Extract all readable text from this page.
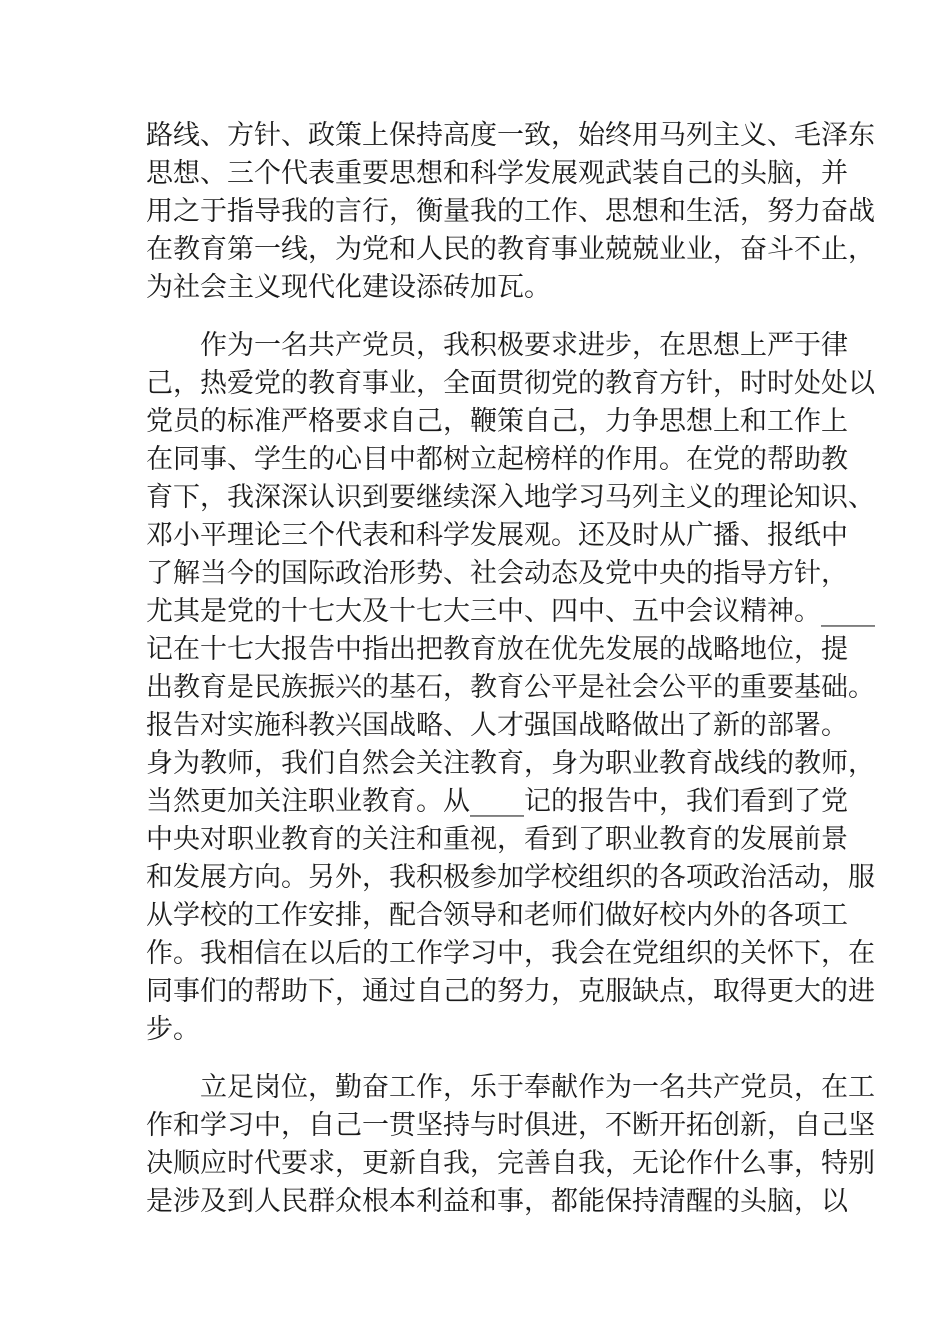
路线、方针、政策上保持高度一致，始终用马列主义、毛泽东
思想、三个代表重要思想和科学发展观武装自己的头脑，并
用之于指导我的言行，衡量我的工作、思想和生活，努力奋战
在教育第一线，为党和人民的教育事业兢兢业业，奋斗不止，
为社会主义现代化建设添砖加瓦。
　　作为一名共产党员，我积极要求进步，在思想上严于律
己，热爱党的教育事业，全面贯彻党的教育方针，时时处处以
党员的标准严格要求自己，鞭策自己，力争思想上和工作上
在同事、学生的心目中都树立起榜样的作用。在党的帮助教
育下，我深深认识到要继续深入地学习马列主义的理论知识、
邓小平理论三个代表和科学发展观。还及时从广播、报纸中
了解当今的国际政治形势、社会动态及党中央的指导方针，
尤其是党的十七大及十七大三中、四中、五中会议精神。____
记在十七大报告中指出把教育放在优先发展的战略地位，提
出教育是民族振兴的基石，教育公平是社会公平的重要基础。
报告对实施科教兴国战略、人才强国战略做出了新的部署。
身为教师，我们自然会关注教育，身为职业教育战线的教师，
当然更加关注职业教育。从____记的报告中，我们看到了党
中央对职业教育的关注和重视，看到了职业教育的发展前景
和发展方向。另外，我积极参加学校组织的各项政治活动，服
从学校的工作安排，配合领导和老师们做好校内外的各项工
作。我相信在以后的工作学习中，我会在党组织的关怀下，在
同事们的帮助下，通过自己的努力，克服缺点，取得更大的进
步。
　　立足岗位，勤奋工作，乐于奉献作为一名共产党员，在工
作和学习中，自己一贯坚持与时俱进，不断开拓创新，自己坚
决顺应时代要求，更新自我，完善自我，无论作什么事，特别
是涉及到人民群众根本利益和事，都能保持清醒的头脑，以
